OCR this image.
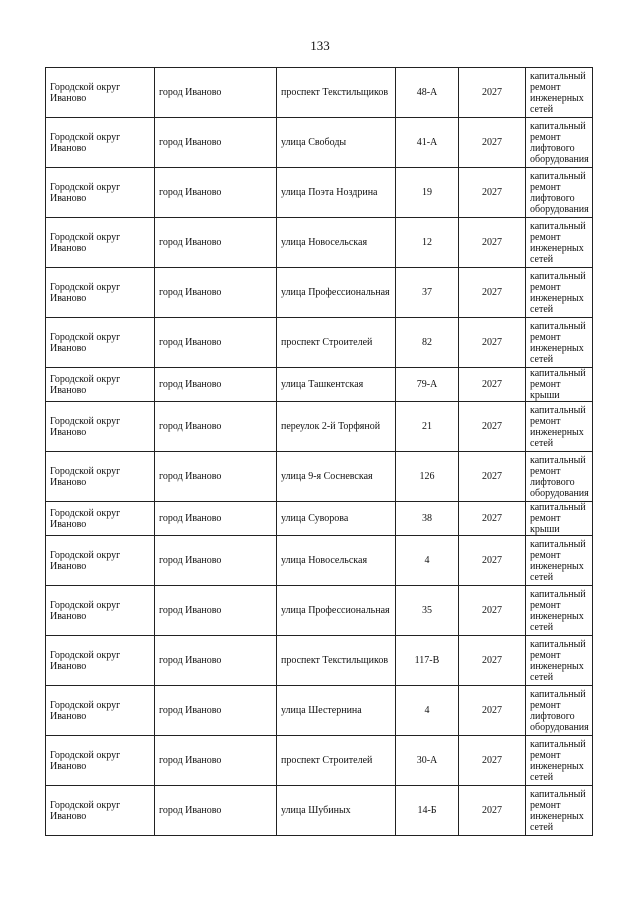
133
Городской округ Иваново	город Иваново	проспект Текстильщиков	48-А	2027	капитальный ремонт инженерных сетей
Городской округ Иваново	город Иваново	улица Свободы	41-А	2027	капитальный ремонт лифтового оборудования
Городской округ Иваново	город Иваново	улица Поэта Ноздрина	19	2027	капитальный ремонт лифтового оборудования
Городской округ Иваново	город Иваново	улица Новосельская	12	2027	капитальный ремонт инженерных сетей
Городской округ Иваново	город Иваново	улица Профессиональная	37	2027	капитальный ремонт инженерных сетей
Городской округ Иваново	город Иваново	проспект Строителей	82	2027	капитальный ремонт инженерных сетей
Городской округ Иваново	город Иваново	улица Ташкентская	79-А	2027	капитальный ремонт крыши
Городской округ Иваново	город Иваново	переулок 2-й Торфяной	21	2027	капитальный ремонт инженерных сетей
Городской округ Иваново	город Иваново	улица 9-я Сосневская	126	2027	капитальный ремонт лифтового оборудования
Городской округ Иваново	город Иваново	улица Суворова	38	2027	капитальный ремонт крыши
Городской округ Иваново	город Иваново	улица Новосельская	4	2027	капитальный ремонт инженерных сетей
Городской округ Иваново	город Иваново	улица Профессиональная	35	2027	капитальный ремонт инженерных сетей
Городской округ Иваново	город Иваново	проспект Текстильщиков	117-В	2027	капитальный ремонт инженерных сетей
Городской округ Иваново	город Иваново	улица Шестернина	4	2027	капитальный ремонт лифтового оборудования
Городской округ Иваново	город Иваново	проспект Строителей	30-А	2027	капитальный ремонт инженерных сетей
Городской округ Иваново	город Иваново	улица Шубиных	14-Б	2027	капитальный ремонт инженерных сетей
